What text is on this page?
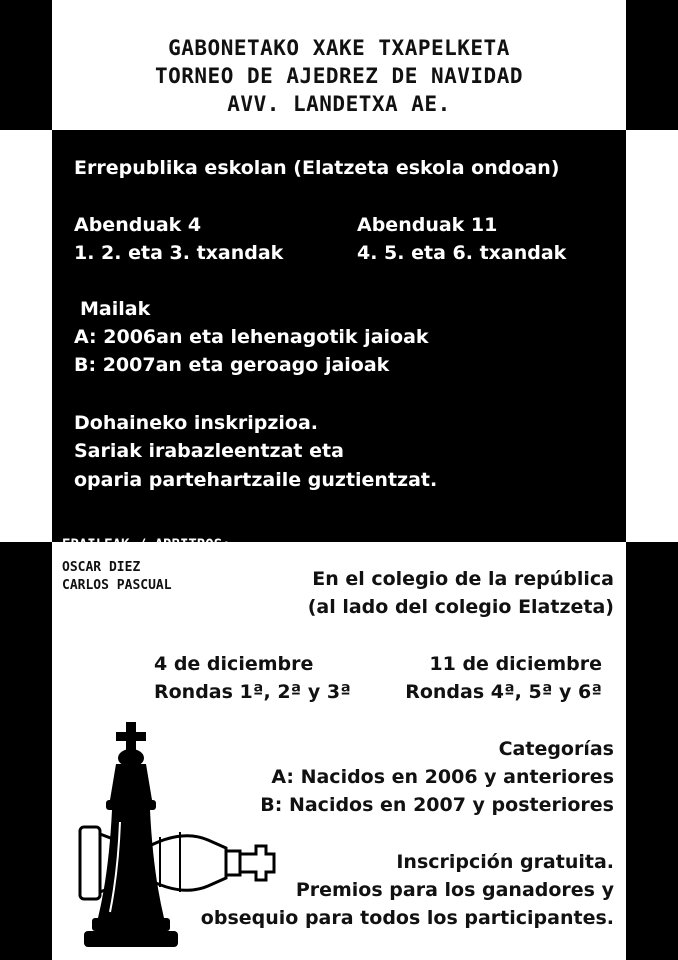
GABONETAKO XAKE TXAPELKETA
TORNEO DE AJEDREZ DE NAVIDAD
AVV. LANDETXA AE.
Errepublika eskolan (Elatzeta eskola ondoan)
Abenduak 4
1. 2. eta 3. txandak
Abenduak 11
4. 5. eta 6. txandak
Mailak
A: 2006an eta lehenagotik jaioak
B: 2007an eta geroago jaioak
Dohaineko inskripzioa.
Sariak irabazleentzat eta
oparia partehartzaile guztientzat.
EPAILEAK / ARBITROS:
OSCAR DIEZ
CARLOS PASCUAL	En el colegio de la república
(al lado del colegio Elatzeta)
4 de diciembre
Rondas 1ª, 2ª y 3ª
11 de diciembre
Rondas 4ª, 5ª y 6ª
Categorías
A: Nacidos en 2006 y anteriores
B: Nacidos en 2007 y posteriores
Inscripción gratuita.
Premios para los ganadores y
obsequio para todos los participantes.
